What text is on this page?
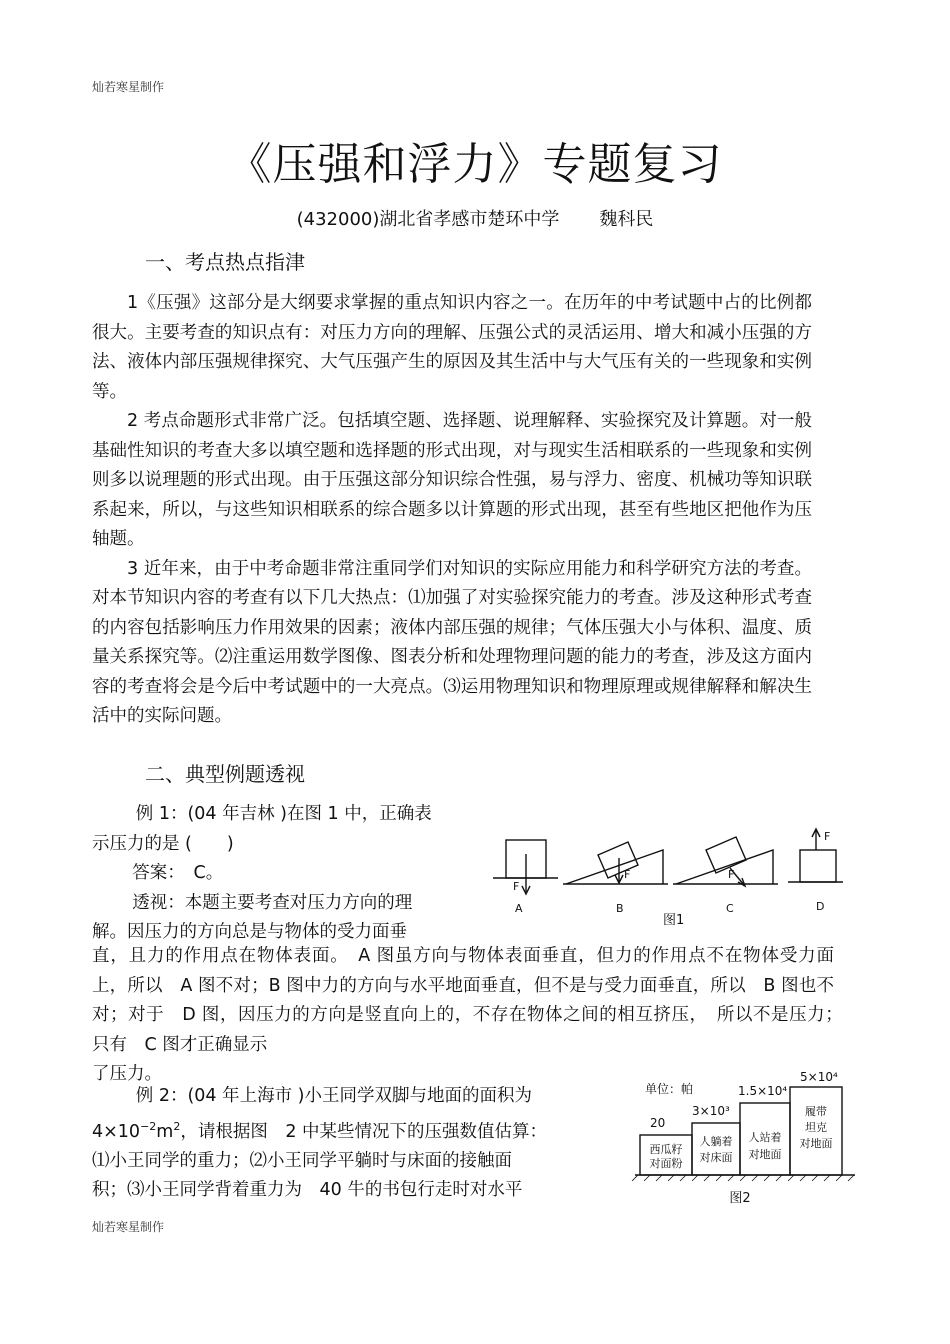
灿若寒星制作
《压强和浮力》专题复习
(432000)湖北省孝感市楚环中学 魏科民
一、考点热点指津

1《压强》这部分是大纲要求掌握的重点知识内容之一。在历年的中考试题中占的比例都很大。主要考查的知识点有：对压力方向的理解、压强公式的灵活运用、增大和减小压强的方法、液体内部压强规律探究、大气压强产生的原因及其生活中与大气压有关的一些现象和实例等。

2 考点命题形式非常广泛。包括填空题、选择题、说理解释、实验探究及计算题。对一般基础性知识的考查大多以填空题和选择题的形式出现，对与现实生活相联系的一些现象和实例则多以说理题的形式出现。由于压强这部分知识综合性强，易与浮力、密度、机械功等知识联系起来，所以，与这些知识相联系的综合题多以计算题的形式出现，甚至有些地区把他作为压轴题。

3 近年来，由于中考命题非常注重同学们对知识的实际应用能力和科学研究方法的考查。对本节知识内容的考查有以下几大热点：⑴加强了对实验探究能力的考查。涉及这种形式考查的内容包括影响压力作用效果的因素；液体内部压强的规律；气体压强大小与体积、温度、质量关系探究等。⑵注重运用数学图像、图表分析和处理物理问题的能力的考查，涉及这方面内容的考查将会是今后中考试题中的一大亮点。⑶运用物理知识和物理原理或规律解释和解决生活中的实际问题。

二、典型例题透视
例 1：(04 年吉林 )在图 1 中，正确表
示压力的是 (　　)
答案：　C。
透视：本题主要考查对压力方向的理
解。因压力的方向总是与物体的受力面垂
直，且力的作用点在物体表面。　A 图虽方向与物体表面垂直，但力的作用点不在物体受力面上，所以　A 图不对；B 图中力的方向与水平地面垂直，但不是与受力面垂直，所以　B 图也不对；对于　D 图，因压力的方向是竖直向上的，不存在物体之间的相互挤压，　所以不是压力；　只有　C 图才正确显示
了压力。
F
F	F
F
A	B	C	D
图1
例 2：(04 年上海市 )小王同学双脚与地面的面积为
$4\times 10^{-2}m^2$，请根据图　2 中某些情况下的压强数值估算：
⑴小王同学的重力；⑵小王同学平躺时与床面的接触面
积；⑶小王同学背着重力为　40 牛的书包行走时对水平
单位：帕
20
3×10³
1.5×10⁴
5×10⁴
西瓜籽
对面粉
人躺着
对床面
人站着
对地面
履带
坦克
对地面
图2
灿若寒星制作
